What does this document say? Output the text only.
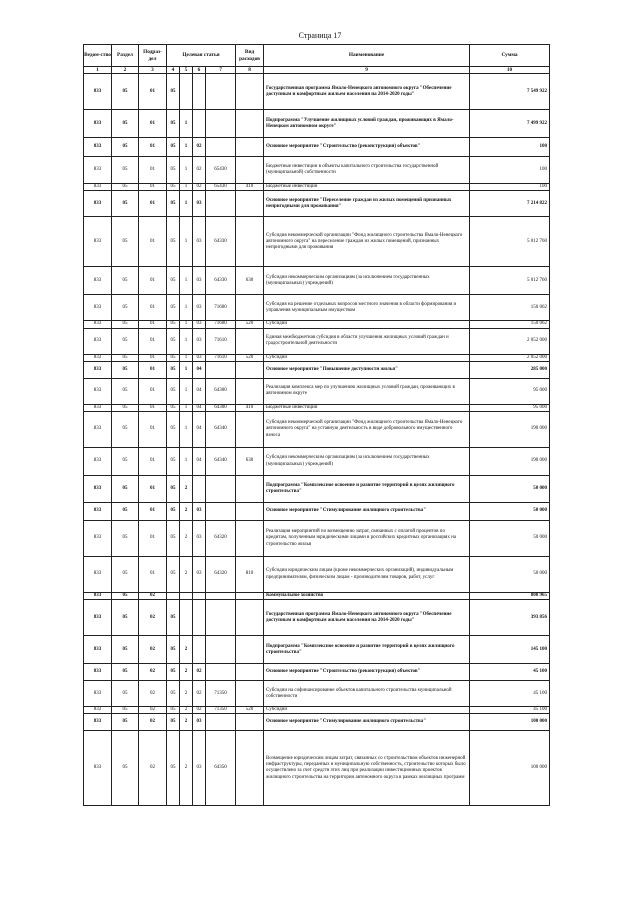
Страница 17
Ведом-ство	Раздел	Подраз-
дел	Целевая статья				Вид расходов	Наименование	Сумма
1	2	3	4	5	6	7	8	9	10
833	05	01	05					Государственная программа Ямало-Ненецкого автономного округа "Обеспечение доступным и комфортным жильем населения на 2014-2020 годы"	7 549 922
833	05	01	05	1				Подпрограмма "Улучшение жилищных условий граждан, проживающих в Ямало-Ненецком автономном округе"	7 499 922
833	05	01	05	1	02			Основное мероприятие "Строительство (реконструкция) объектов"	100
833	05	01	05	1	02	65430		Бюджетные инвестиции в объекты капитального строительства государственной (муниципальной) собственности	100
833	05	01	05	1	02	65430	410	Бюджетные инвестиции	100
833	05	01	05	1	03			Основное мероприятие "Переселение граждан из жилых помещений признанных непригодными для проживания"	7 214 822
833	05	01	05	1	03	64330		Субсидия некоммерческой организации "Фонд жилищного строительства Ямало-Ненецкого автономного округа" на переселение граждан из жилых помещений, признанных непригодными для проживания	5 012 760
833	05	01	05	1	03	64330	630	Субсидии некоммерческим организациям (за исключением государственных (муниципальных) учреждений)	5 012 760
833	05	01	05	1	03	71600		Субсидия на решение отдельных вопросов местного значения в области формирования и управления муниципальным имуществом	150 062
833	05	01	05	1	03	71600	520	Субсидии	150 062
833	05	01	05	1	03	71610		Единая межбюджетная субсидия в области улучшения жилищных условий граждан и градостроительной деятельности	2 052 000
833	05	01	05	1	03	71610	520	Субсидии	2 052 000
833	05	01	05	1	04			Основное мероприятие "Повышение доступности жилья"	285 000
833	05	01	05	1	04	64300		Реализация комплекса мер по улучшению жилищных условий граждан, проживающих в автономном округе	95 000
833	05	01	05	1	04	64300	410	Бюджетные инвестиции	95 000
833	05	01	05	1	04	64340		Субсидия некоммерческой организации "Фонд жилищного строительства Ямало-Ненецкого автономного округа" на уставную деятельность в виде добровольного имущественного взноса	190 000
833	05	01	05	1	04	64340	630	Субсидии некоммерческим организациям (за исключением государственных (муниципальных) учреждений)	190 000
833	05	01	05	2				Подпрограмма "Комплексное освоение и развитие территорий в целях жилищного строительства"	50 000
833	05	01	05	2	03			Основное мероприятие "Стимулирование жилищного строительства"	50 000
833	05	01	05	2	03	64320		Реализация мероприятий по возмещению затрат, связанных с оплатой процентов по кредитам, полученным юридическими лицами в российских кредитных организациях на строительство жилья	50 000
833	05	01	05	2	03	64320	810	Субсидии юридическим лицам (кроме некоммерческих организаций), индивидуальным предпринимателям, физическим лицам - производителям товаров, работ, услуг	50 000
833	05	02						Коммунальное хозяйство	808 965
833	05	02	05					Государственная программа Ямало-Ненецкого автономного округа "Обеспечение доступным и комфортным жильем населения на 2014-2020 годы"	393 856
833	05	02	05	2				Подпрограмма "Комплексное освоение и развитие территорий в целях жилищного строительства"	145 100
833	05	02	05	2	02			Основное мероприятие "Строительство (реконструкция) объектов"	45 100
833	05	02	05	2	02	71350		Субсидии на софинансирование объектов капитального строительства муниципальной собственности	45 100
833	05	02	05	2	02	71350	520	Субсидии	45 100
833	05	02	05	2	03			Основное мероприятие "Стимулирование жилищного строительства"	100 000
833	05	02	05	2	03	64350		Возмещение юридическим лицам затрат, связанных со строительством объектов инженерной инфраструктуры, переданных в муниципальную собственность, строительство которых было осуществлено за счет средств этих лиц при реализации инвестиционных проектов жилищного строительства на территории автономного округа в рамках жилищных программ	100 000
